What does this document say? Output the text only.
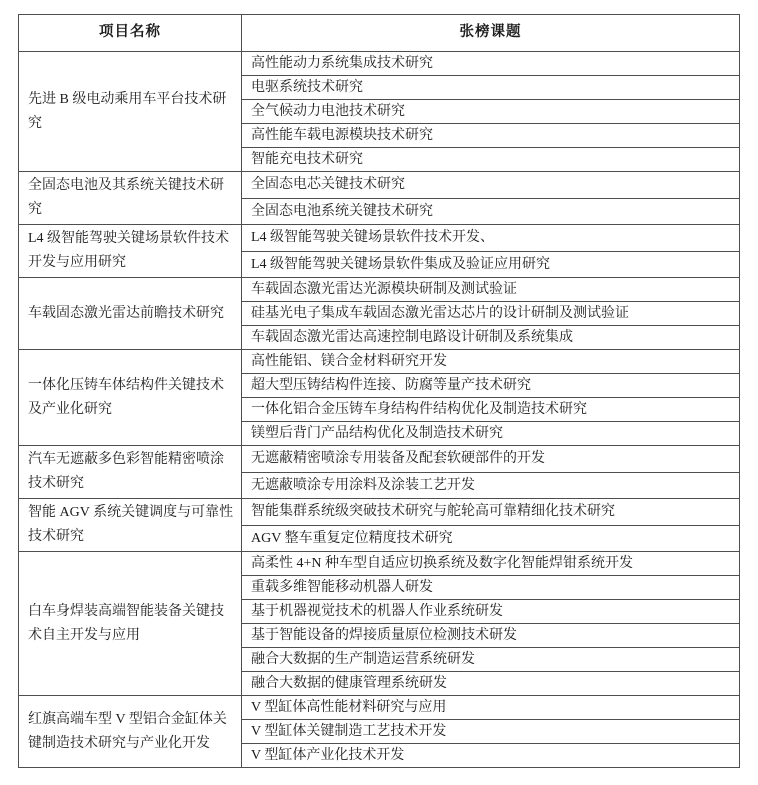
项目名称	张榜课题
先进 B 级电动乘用车平台技术研究	高性能动力系统集成技术研究
	电驱系统技术研究
	全气候动力电池技术研究
	高性能车载电源模块技术研究
	智能充电技术研究
全固态电池及其系统关键技术研究	全固态电芯关键技术研究
	全固态电池系统关键技术研究
L4 级智能驾驶关键场景软件技术开发与应用研究	L4 级智能驾驶关键场景软件技术开发、
	L4 级智能驾驶关键场景软件集成及验证应用研究
车载固态激光雷达前瞻技术研究	车载固态激光雷达光源模块研制及测试验证
	硅基光电子集成车载固态激光雷达芯片的设计研制及测试验证
	车载固态激光雷达高速控制电路设计研制及系统集成
一体化压铸车体结构件关键技术及产业化研究	高性能铝、镁合金材料研究开发
	超大型压铸结构件连接、防腐等量产技术研究
	一体化铝合金压铸车身结构件结构优化及制造技术研究
	镁塑后背门产品结构优化及制造技术研究
汽车无遮蔽多色彩智能精密喷涂技术研究	无遮蔽精密喷涂专用装备及配套软硬部件的开发
	无遮蔽喷涂专用涂料及涂装工艺开发
智能 AGV 系统关键调度与可靠性技术研究	智能集群系统级突破技术研究与舵轮高可靠精细化技术研究
	AGV 整车重复定位精度技术研究
白车身焊装高端智能装备关键技术自主开发与应用	高柔性 4+N 种车型自适应切换系统及数字化智能焊钳系统开发
	重载多维智能移动机器人研发
	基于机器视觉技术的机器人作业系统研发
	基于智能设备的焊接质量原位检测技术研发
	融合大数据的生产制造运营系统研发
	融合大数据的健康管理系统研发
红旗高端车型 V 型铝合金缸体关键制造技术研究与产业化开发	V 型缸体高性能材料研究与应用
	V 型缸体关键制造工艺技术开发
	V 型缸体产业化技术开发
